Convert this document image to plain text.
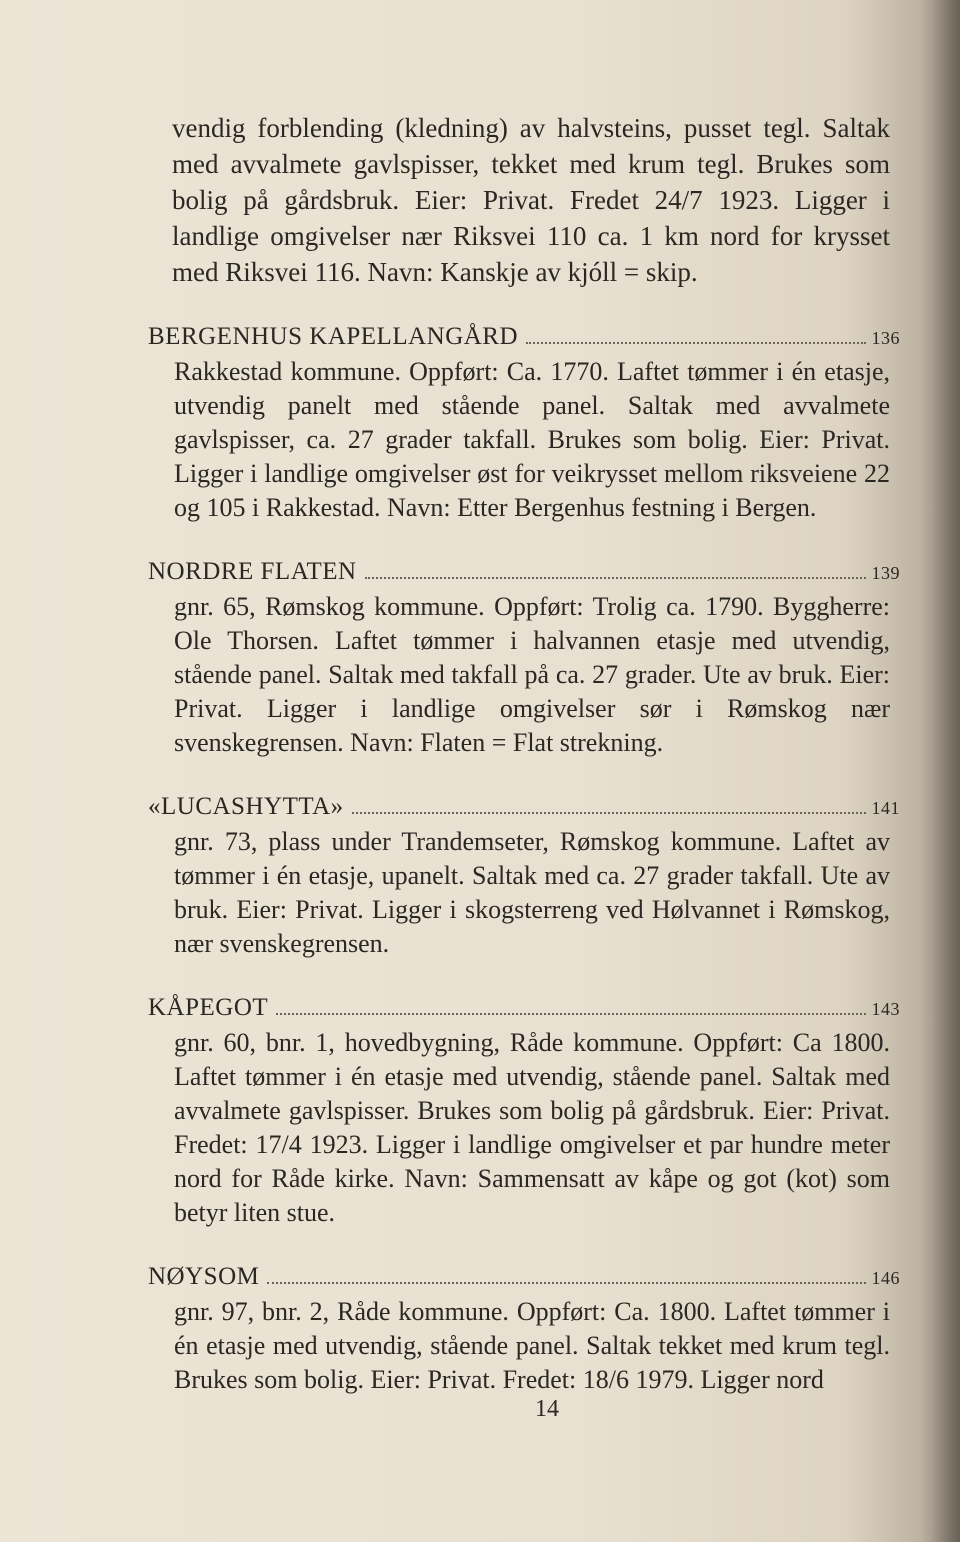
vendig forblending (kledning) av halvsteins, pusset tegl. Saltak med avvalmete gavlspisser, tekket med krum tegl. Brukes som bolig på gårdsbruk. Eier: Privat. Fredet 24/7 1923. Ligger i landlige omgivelser nær Riksvei 110 ca. 1 km nord for krysset med Riksvei 116. Navn: Kanskje av kjóll = skip.

BERGENHUS KAPELLANGÅRD	136
Rakkestad kommune. Oppført: Ca. 1770. Laftet tømmer i én etasje, utvendig panelt med stående panel. Saltak med avvalmete gavlspisser, ca. 27 grader takfall. Brukes som bolig. Eier: Privat. Ligger i landlige omgivelser øst for veikrysset mellom riksveiene 22 og 105 i Rakkestad. Navn: Etter Bergenhus festning i Bergen.
NORDRE FLATEN	139
gnr. 65, Rømskog kommune. Oppført: Trolig ca. 1790. Byggherre: Ole Thorsen. Laftet tømmer i halvannen etasje med utvendig, stående panel. Saltak med takfall på ca. 27 grader. Ute av bruk. Eier: Privat. Ligger i landlige omgivelser sør i Rømskog nær svenskegrensen. Navn: Flaten = Flat strekning.
«LUCASHYTTA»	141
gnr. 73, plass under Trandemseter, Rømskog kommune. Laftet av tømmer i én etasje, upanelt. Saltak med ca. 27 grader takfall. Ute av bruk. Eier: Privat. Ligger i skogsterreng ved Hølvannet i Rømskog, nær svenskegrensen.
KÅPEGOT	143
gnr. 60, bnr. 1, hovedbygning, Råde kommune. Oppført: Ca 1800. Laftet tømmer i én etasje med utvendig, stående panel. Saltak med avvalmete gavlspisser. Brukes som bolig på gårdsbruk. Eier: Privat. Fredet: 17/4 1923. Ligger i landlige omgivelser et par hundre meter nord for Råde kirke. Navn: Sammensatt av kåpe og got (kot) som betyr liten stue.
NØYSOM	146
gnr. 97, bnr. 2, Råde kommune. Oppført: Ca. 1800. Laftet tømmer i én etasje med utvendig, stående panel. Saltak tekket med krum tegl. Brukes som bolig. Eier: Privat. Fredet: 18/6 1979. Ligger nord
14
